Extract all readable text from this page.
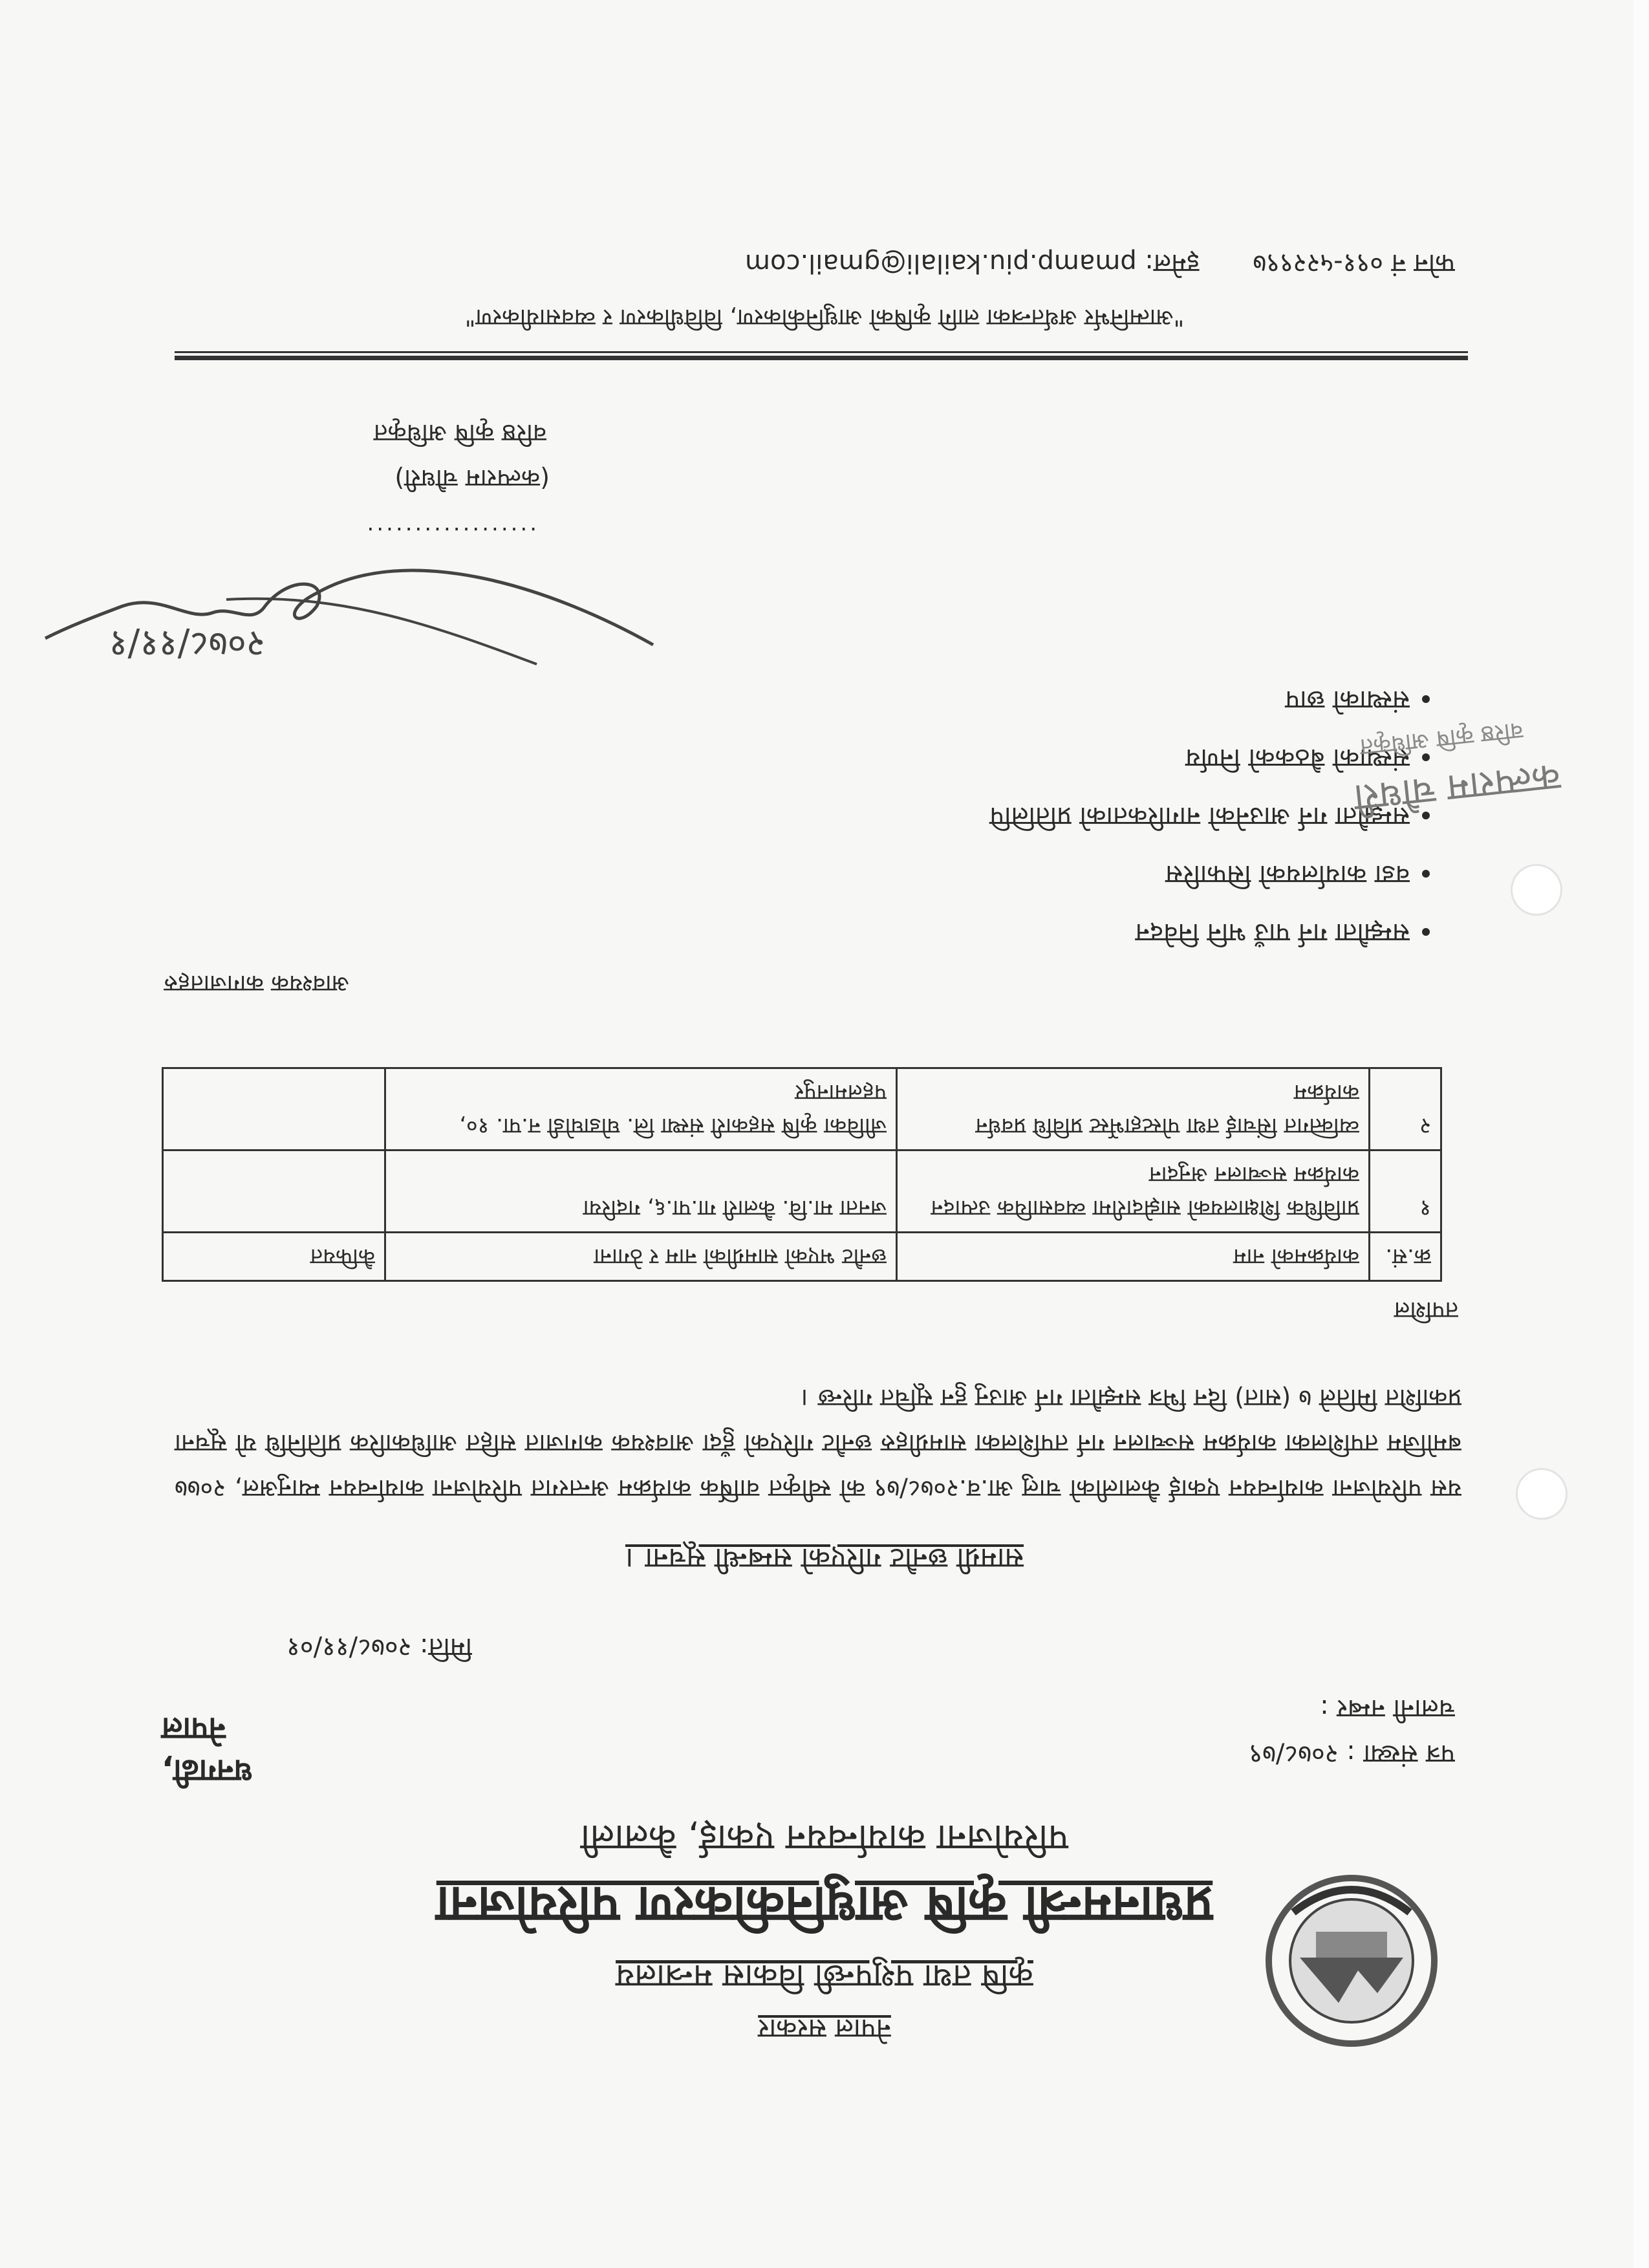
नेपाल सरकार
कृषि तथा पशुपन्छी विकास मन्त्रालय
प्रधानमन्त्री कृषि आधुनिकीकरण परियोजना
परियोजना कार्यान्वयन एकाई, कैलाली
पत्र संख्या : २०७८/७९
धनगढी, नेपाल
चलानी नम्बर :
मिति: २०७८/११/०१
सामग्री छनौट गरिएको सम्बन्धी सूचना ।
यस परियोजना कार्यान्वयन एकाई कैलालीको चालु आ.व.२०७८/७९ को स्वीकृत वार्षिक कार्यक्रम अन्तरगत परियोजना कार्यान्वयन म्यानुअल, २०७७ बमोजिम तपशिलका कार्यक्रम सञ्चालन गर्न तपशिलका सामग्रीहरु छनौट गरिएको हुँदा आवश्यक कागजात सहित आधिकारिक प्रतिनिधि यो सूचना प्रकाशित मितिले ७ (सात) दिन भित्र सम्झौता गर्न आउनु हुन सूचित गरिन्छ ।
तपशिल
क्र.सं.	कार्यक्रमको नाम	छनौट भएको सामग्रीको नाम र ठेगाना	कैफियत
१	प्राविधिक शिक्षालयको साझेदारीमा व्यवसायिक उत्पादन कार्यक्रम सञ्चालन अनुदान	जनता मा.वि. कैलारी गा.पा.६, गदरिया	
२	व्यक्तिगत सिंचाई तथा पोस्टहार्भेस्ट प्रविधि प्रवर्धन कार्यक्रम	जीविका कृषि सहकारी संस्था लि. घोडाघोडी न.पा. १०, पहलमानपुर	
आवश्यक कागजातहरु
• सम्झौता गर्न पाउँ भनि निवेदन
• वडा कार्यालयको सिफारिस
• सम्झौता गर्न आउनेको नागरिकताको प्रतिलिपि
• संस्थाको बैठकको निर्णय
• संस्थाको छाप
२०७८/११/१
..................
(कल्पराम चौधरी)
वरिष्ठ कृषि अधिकृत
कल्पराम चौधरी
वरिष्ठ कृषि अधिकृत
"आत्मनिर्भर अर्थतन्त्रका लागि कृषिको आधुनिकीकरण, विविधीकरण र व्यवसायीकरण"
फोन नं ०९१-५२२९९७ इमेल: pmamp.piu.kailali@gmail.com
